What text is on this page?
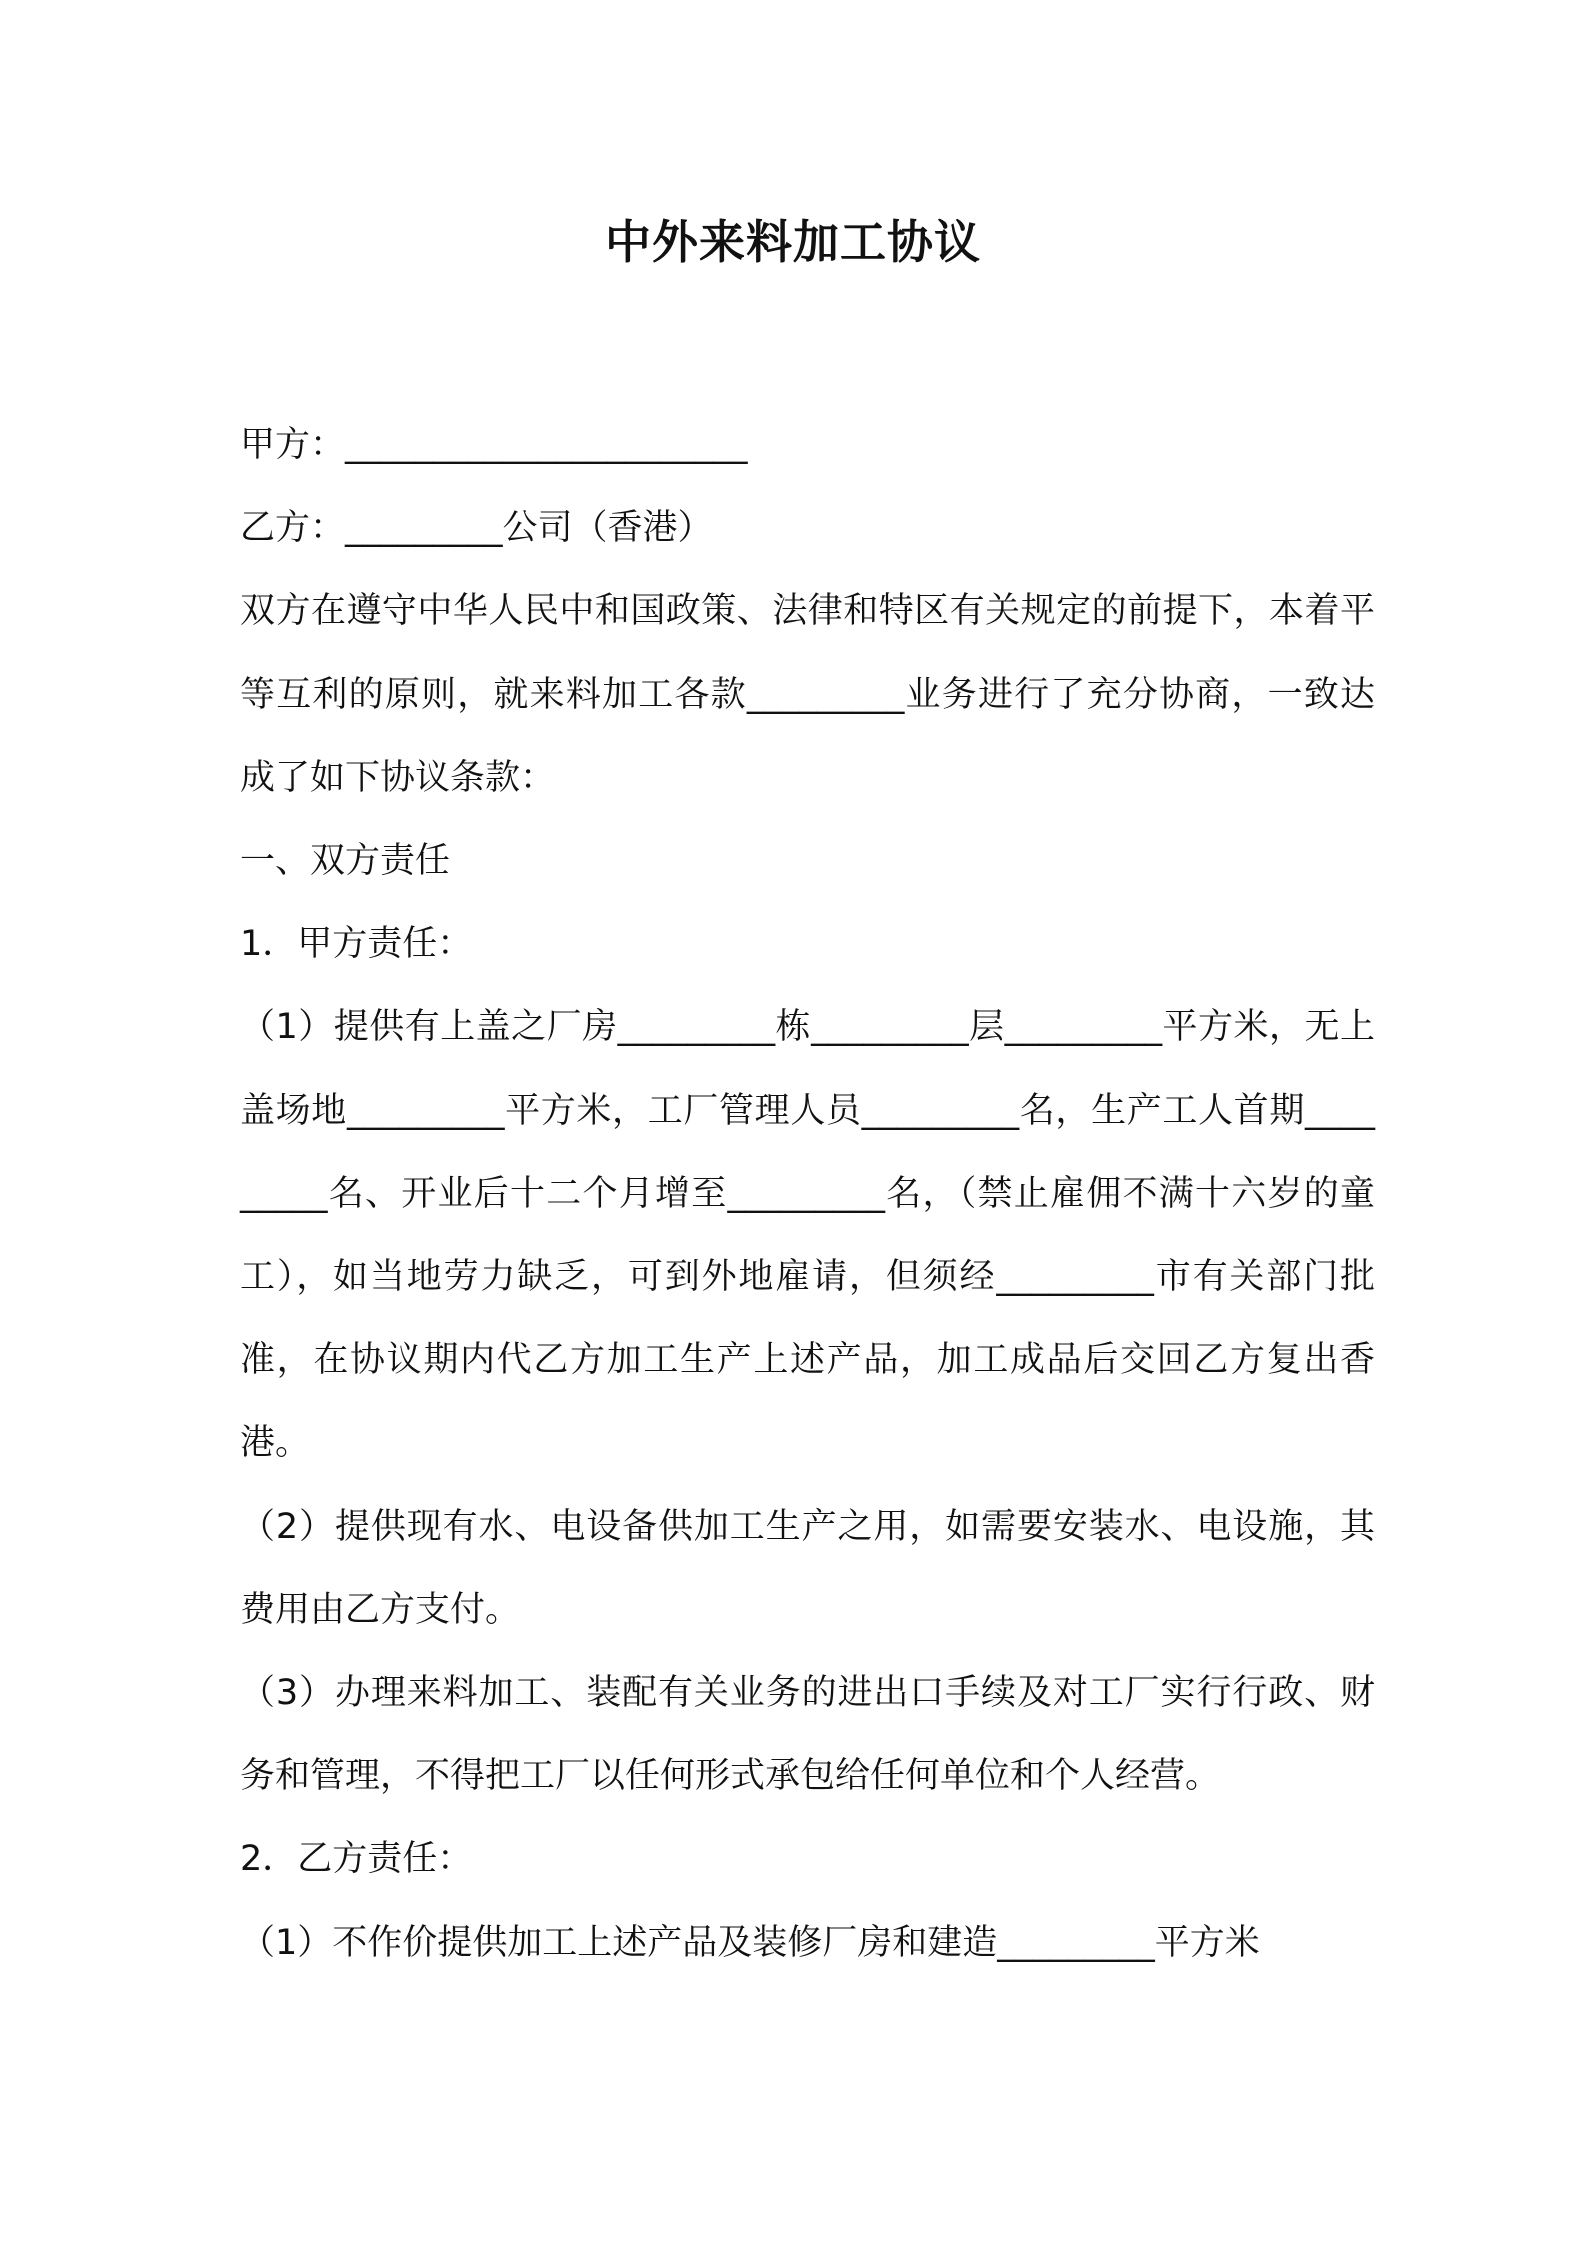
中外来料加工协议

甲方：_______________________

乙方：_________公司（香港）

双方在遵守中华人民中和国政策、法律和特区有关规定的前提下，本着平等互利的原则，就来料加工各款_________业务进行了充分协商，一致达成了如下协议条款：

一、双方责任

1．甲方责任：

（1）提供有上盖之厂房_________栋_________层_________平方米，无上盖场地_________平方米，工厂管理人员_________名，生产工人首期_________名、开业后十二个月增至_________名，（禁止雇佣不满十六岁的童工），如当地劳力缺乏，可到外地雇请，但须经_________市有关部门批准，在协议期内代乙方加工生产上述产品，加工成品后交回乙方复出香港。

（2）提供现有水、电设备供加工生产之用，如需要安装水、电设施，其费用由乙方支付。

（3）办理来料加工、装配有关业务的进出口手续及对工厂实行行政、财务和管理，不得把工厂以任何形式承包给任何单位和个人经营。

2．乙方责任：

（1）不作价提供加工上述产品及装修厂房和建造_________平方米
